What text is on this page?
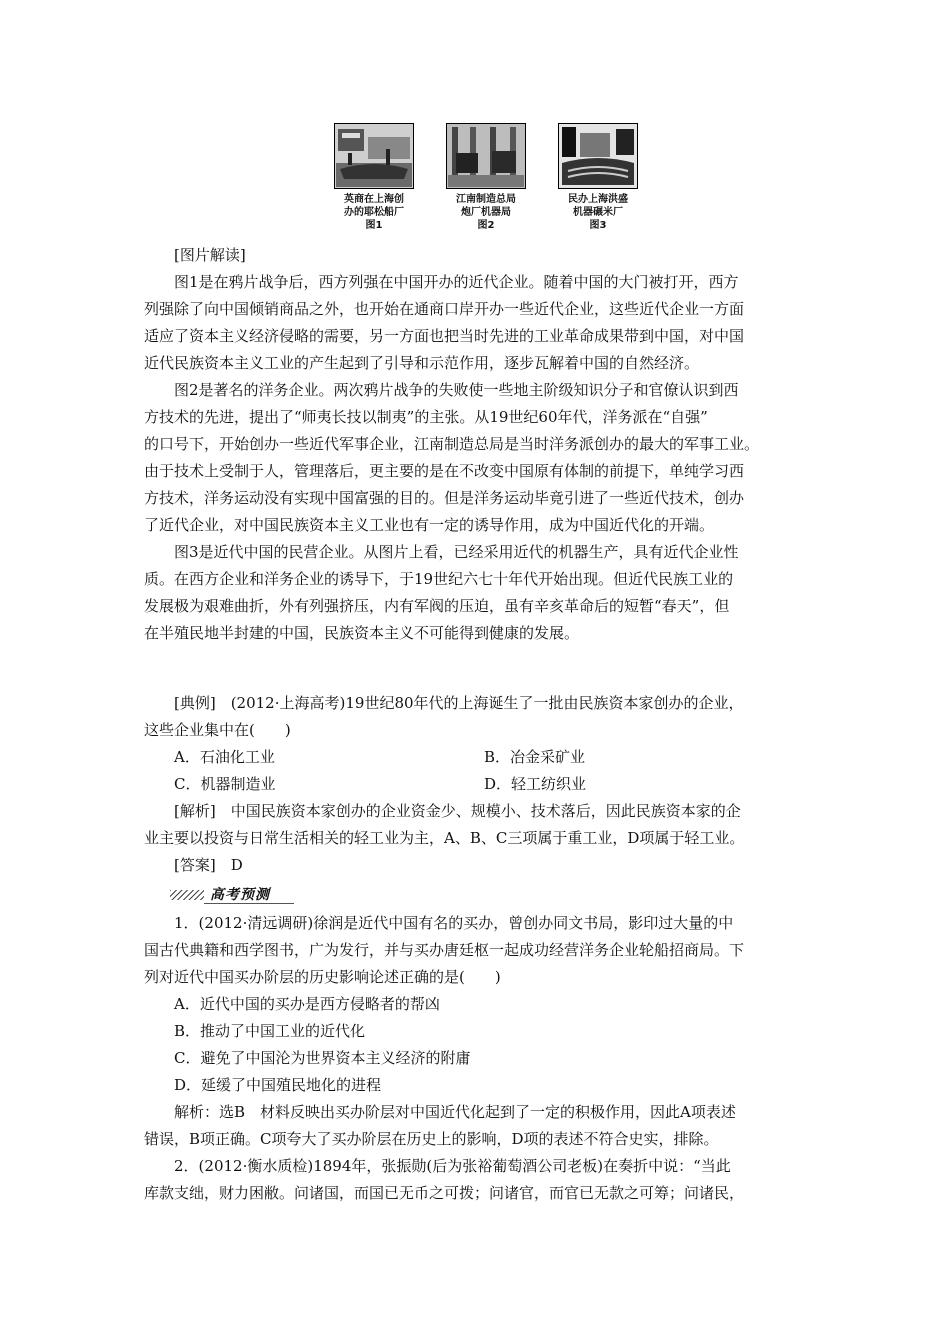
英商在上海创
办的耶松船厂
图1
江南制造总局
炮厂机器局
图2
民办上海洪盛
机器碾米厂
图3

[图片解读]

图1是在鸦片战争后，西方列强在中国开办的近代企业。随着中国的大门被打开，西方

列强除了向中国倾销商品之外，也开始在通商口岸开办一些近代企业，这些近代企业一方面

适应了资本主义经济侵略的需要，另一方面也把当时先进的工业革命成果带到中国，对中国

近代民族资本主义工业的产生起到了引导和示范作用，逐步瓦解着中国的自然经济。

图2是著名的洋务企业。两次鸦片战争的失败使一些地主阶级知识分子和官僚认识到西

方技术的先进，提出了“师夷长技以制夷”的主张。从19世纪60年代，洋务派在“自强”

的口号下，开始创办一些近代军事企业，江南制造总局是当时洋务派创办的最大的军事工业。

由于技术上受制于人，管理落后，更主要的是在不改变中国原有体制的前提下，单纯学习西

方技术，洋务运动没有实现中国富强的目的。但是洋务运动毕竟引进了一些近代技术，创办

了近代企业，对中国民族资本主义工业也有一定的诱导作用，成为中国近代化的开端。

图3是近代中国的民营企业。从图片上看，已经采用近代的机器生产，具有近代企业性

质。在西方企业和洋务企业的诱导下，于19世纪六七十年代开始出现。但近代民族工业的

发展极为艰难曲折，外有列强挤压，内有军阀的压迫，虽有辛亥革命后的短暂“春天”，但

在半殖民地半封建的中国，民族资本主义不可能得到健康的发展。

[典例]　(2012·上海高考)19世纪80年代的上海诞生了一批由民族资本家创办的企业，

这些企业集中在(　　)

A．石油化工业	B．冶金采矿业
C．机器制造业	D．轻工纺织业

[解析]　中国民族资本家创办的企业资金少、规模小、技术落后，因此民族资本家的企

业主要以投资与日常生活相关的轻工业为主，A、B、C三项属于重工业，D项属于轻工业。

[答案]　D

高考预测

1．(2012·清远调研)徐润是近代中国有名的买办，曾创办同文书局，影印过大量的中

国古代典籍和西学图书，广为发行，并与买办唐廷枢一起成功经营洋务企业轮船招商局。下

列对近代中国买办阶层的历史影响论述正确的是(　　)

A．近代中国的买办是西方侵略者的帮凶

B．推动了中国工业的近代化

C．避免了中国沦为世界资本主义经济的附庸

D．延缓了中国殖民地化的进程

解析：选B　材料反映出买办阶层对中国近代化起到了一定的积极作用，因此A项表述

错误，B项正确。C项夸大了买办阶层在历史上的影响，D项的表述不符合史实，排除。

2．(2012·衡水质检)1894年，张振勋(后为张裕葡萄酒公司老板)在奏折中说：“当此

库款支绌，财力困敝。问诸国，而国已无币之可拨；问诸官，而官已无款之可筹；问诸民，
